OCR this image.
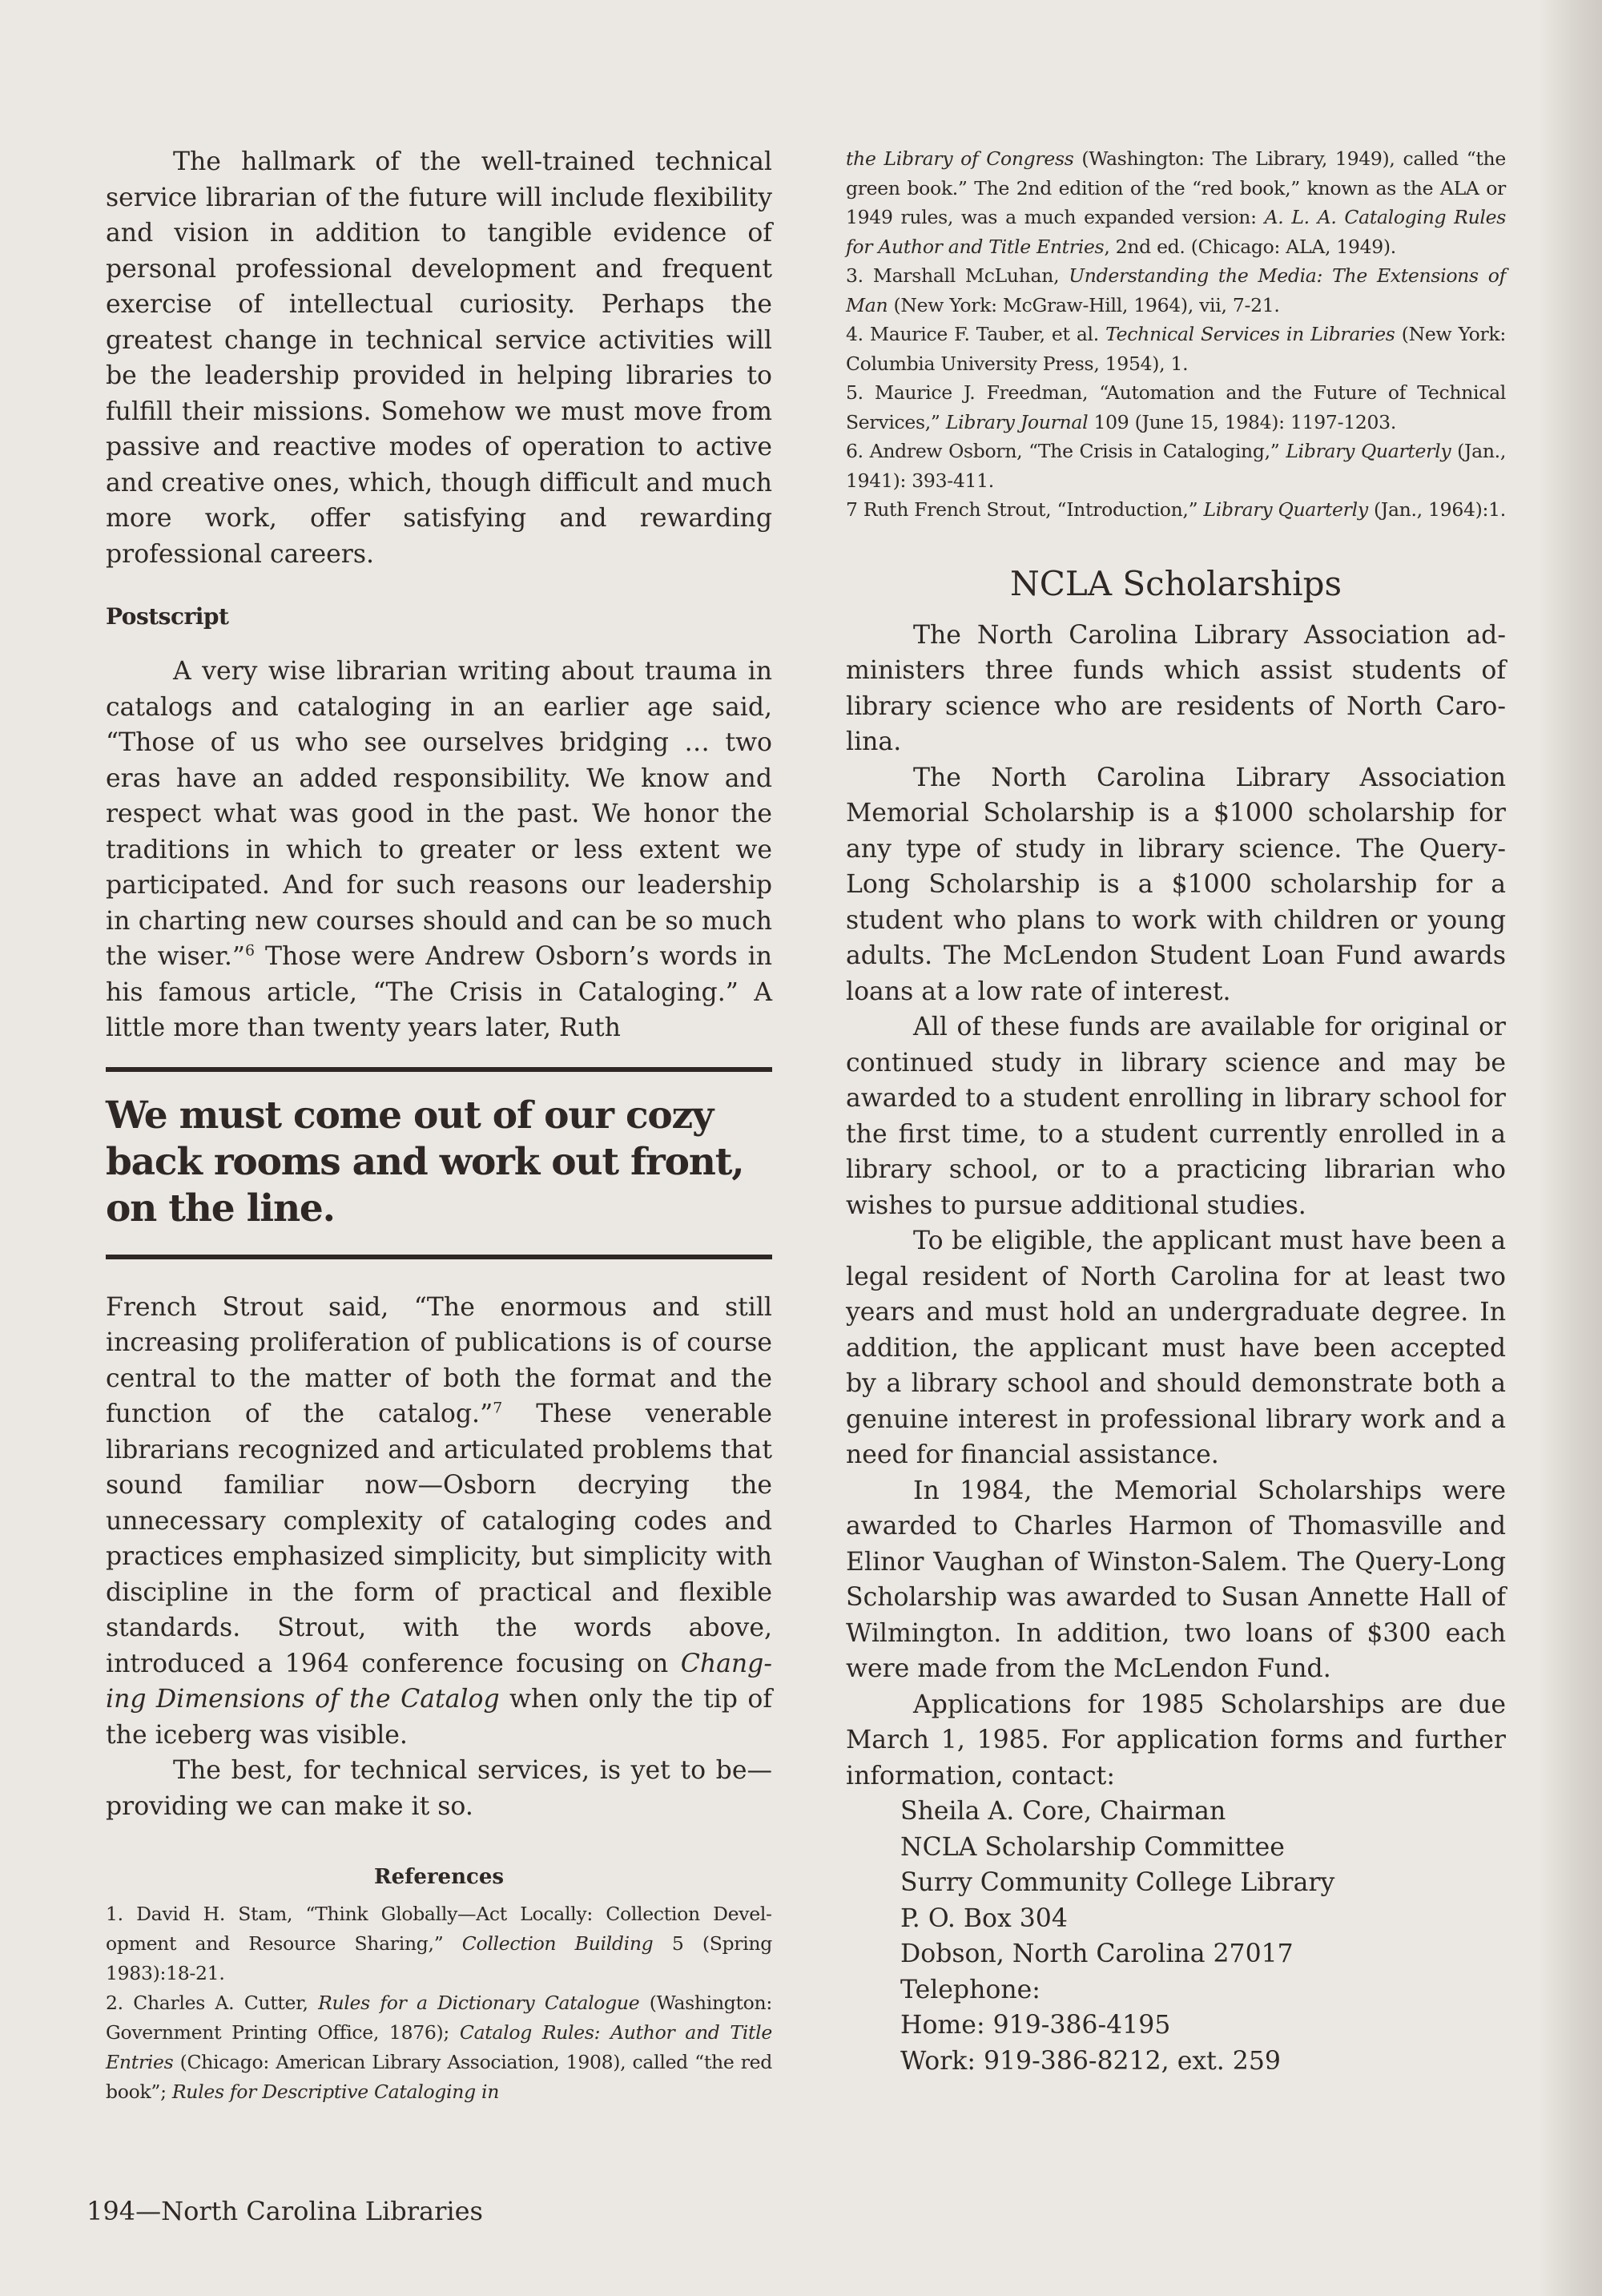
The hallmark of the well-trained technical service librarian of the future will include flexibility and vision in addition to tangible evidence of personal professional development and frequent exercise of intellectual curiosity. Perhaps the greatest change in technical service activities will be the leadership provided in helping libraries to fulfill their missions. Somehow we must move from passive and reactive modes of operation to active and creative ones, which, though difficult and much more work, offer satisfying and rewarding professional careers.

Postscript

A very wise librarian writing about trauma in catalogs and cataloging in an earlier age said, “Those of us who see ourselves bridging … two eras have an added responsibility. We know and respect what was good in the past. We honor the traditions in which to greater or less extent we participated. And for such reasons our leadership in charting new courses should and can be so much the wiser.”$^6$ Those were Andrew Osborn’s words in his famous article, “The Crisis in Cataloging.” A little more than twenty years later, Ruth

We must come out of our cozy back rooms and work out front, on the line.

French Strout said, “The enormous and still increasing proliferation of publications is of course central to the matter of both the format and the function of the catalog.”$^7$ These venerable librarians recognized and articulated problems that sound familiar now—Osborn decrying the unnecessary complexity of cataloging codes and practices emphasized simplicity, but simplicity with discipline in the form of practical and flexible standards. Strout, with the words above, introduced a 1964 conference focusing on Changing Dimensions of the Catalog when only the tip of the iceberg was visible.

The best, for technical services, is yet to be—providing we can make it so.

References

1. David H. Stam, “Think Globally—Act Locally: Collection Development and Resource Sharing,” Collection Building 5 (Spring 1983):18-21.

2. Charles A. Cutter, Rules for a Dictionary Catalogue (Washington: Government Printing Office, 1876); Catalog Rules: Author and Title Entries (Chicago: American Library Association, 1908), called “the red book”; Rules for Descriptive Cataloging in

the Library of Congress (Washington: The Library, 1949), called “the green book.” The 2nd edition of the “red book,” known as the ALA or 1949 rules, was a much expanded version: A. L. A. Cataloging Rules for Author and Title Entries, 2nd ed. (Chicago: ALA, 1949).

3. Marshall McLuhan, Understanding the Media: The Extensions of Man (New York: McGraw-Hill, 1964), vii, 7-21.

4. Maurice F. Tauber, et al. Technical Services in Libraries (New York: Columbia University Press, 1954), 1.

5. Maurice J. Freedman, “Automation and the Future of Technical Services,” Library Journal 109 (June 15, 1984): 1197-1203.

6. Andrew Osborn, “The Crisis in Cataloging,” Library Quarterly (Jan., 1941): 393-411.

7 Ruth French Strout, “Introduction,” Library Quarterly (Jan., 1964):1.

NCLA Scholarships

The North Carolina Library Association administers three funds which assist students of library science who are residents of North Carolina.

The North Carolina Library Association Memorial Scholarship is a $1000 scholarship for any type of study in library science. The Query-Long Scholarship is a $1000 scholarship for a student who plans to work with children or young adults. The McLendon Student Loan Fund awards loans at a low rate of interest.

All of these funds are available for original or continued study in library science and may be awarded to a student enrolling in library school for the first time, to a student currently enrolled in a library school, or to a practicing librarian who wishes to pursue additional studies.

To be eligible, the applicant must have been a legal resident of North Carolina for at least two years and must hold an undergraduate degree. In addition, the applicant must have been accepted by a library school and should demonstrate both a genuine interest in professional library work and a need for financial assistance.

In 1984, the Memorial Scholarships were awarded to Charles Harmon of Thomasville and Elinor Vaughan of Winston-Salem. The Query-Long Scholarship was awarded to Susan Annette Hall of Wilmington. In addition, two loans of $300 each were made from the McLendon Fund.

Applications for 1985 Scholarships are due March 1, 1985. For application forms and further information, contact:

Sheila A. Core, Chairman
NCLA Scholarship Committee
Surry Community College Library
P. O. Box 304
Dobson, North Carolina 27017
Telephone:
Home: 919-386-4195
Work: 919-386-8212, ext. 259
194—North Carolina Libraries
